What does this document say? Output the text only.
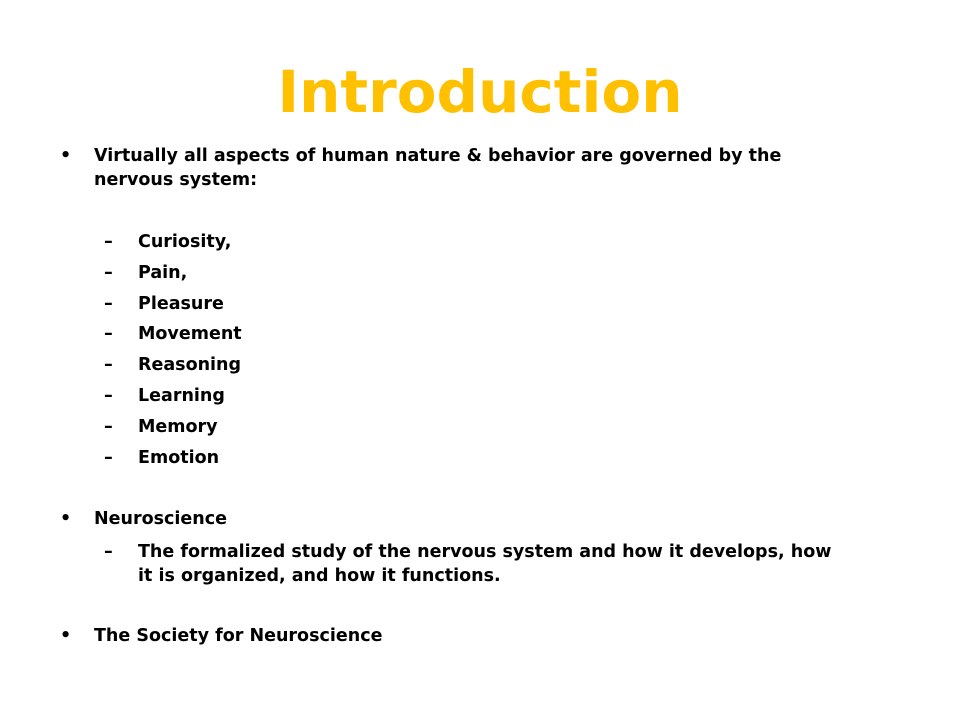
Introduction
• Virtually all aspects of human nature & behavior are governed by the nervous system:
– Curiosity,
– Pain,
– Pleasure
– Movement
– Reasoning
– Learning
– Memory
– Emotion
• Neuroscience
– The formalized study of the nervous system and how it develops, how it is organized, and how it functions.
• The Society for Neuroscience
